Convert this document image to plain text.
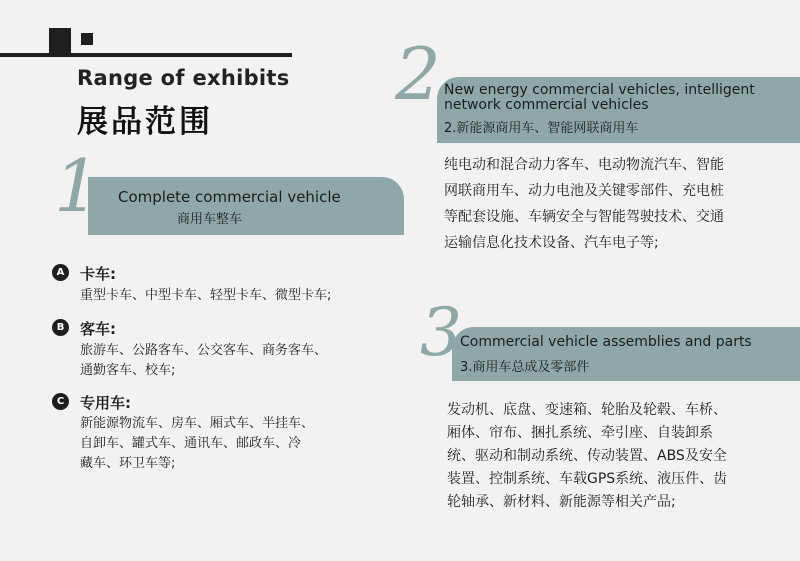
Range of exhibits
展品范围
1 Complete commercial vehicle
商用车整车
A	卡车:
重型卡车、中型卡车、轻型卡车、微型卡车;
B	客车:
旅游车、公路客车、公交客车、商务客车、
通勤客车、校车;
C	专用车:
新能源物流车、房车、厢式车、半挂车、
自卸车、罐式车、通讯车、邮政车、冷
藏车、环卫车等;
2 New energy commercial vehicles, intelligent
network commercial vehicles
2.新能源商用车、智能网联商用车
纯电动和混合动力客车、电动物流汽车、智能
网联商用车、动力电池及关键零部件、充电桩
等配套设施、车辆安全与智能驾驶技术、交通
运输信息化技术设备、汽车电子等;
3
Commercial vehicle assemblies and parts
3.商用车总成及零部件
发动机、底盘、变速箱、轮胎及轮毂、车桥、
厢体、帘布、捆扎系统、牵引座、自装卸系
统、驱动和制动系统、传动装置、ABS及安全
装置、控制系统、车载GPS系统、液压件、齿
轮轴承、新材料、新能源等相关产品;
